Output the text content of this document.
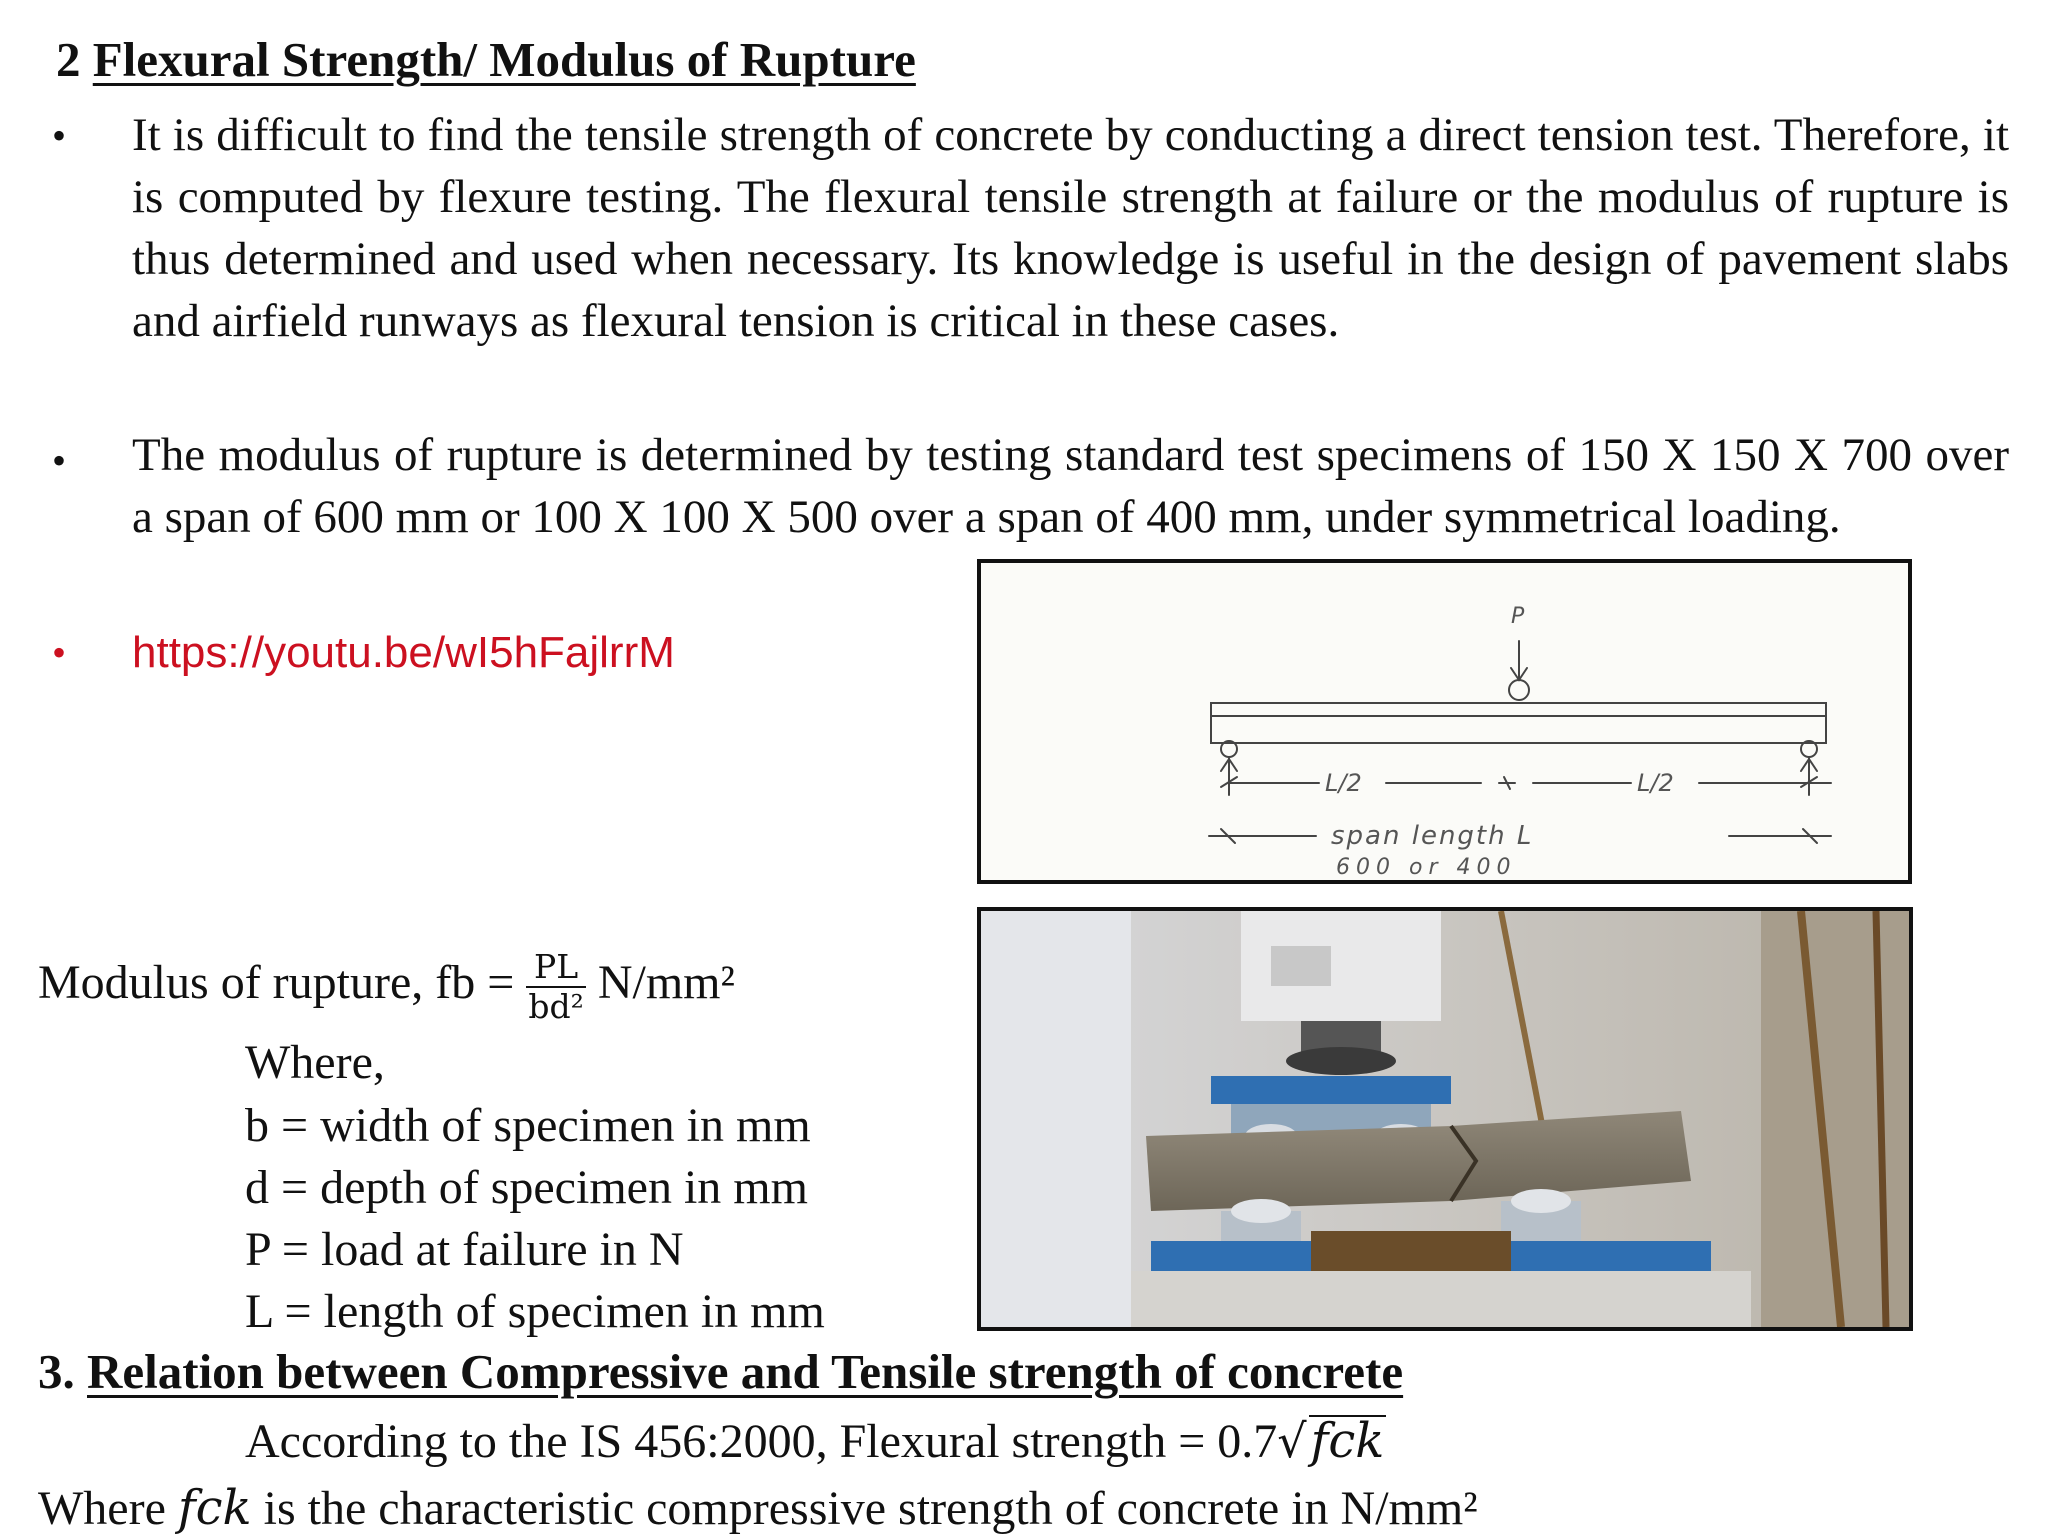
2 Flexural Strength/ Modulus of Rupture
• It is difficult to find the tensile strength of concrete by conducting a direct tension test. Therefore, it is computed by flexure testing. The flexural tensile strength at failure or the modulus of rupture is thus determined and used when necessary. Its knowledge is useful in the design of pavement slabs and airfield runways as flexural tension is critical in these cases.
• The modulus of rupture is determined by testing standard test specimens of 150 X 150 X 700 over a span of 600 mm or 100 X 100 X 500 over a span of 400 mm, under symmetrical loading.
• https://youtu.be/wI5hFajlrrM
P
L/2	L/2
span length L
600 or 400
Modulus of rupture, fb = $\frac{PL}{\text{bd²}} N/mm^2$
Where,
b = width of specimen in mm
d = depth of specimen in mm
P = load at failure in N
L = length of specimen in mm
3. Relation between Compressive and Tensile strength of concrete
According to the IS 456:2000, Flexural strength = 0.7√fck
Where fck is the characteristic compressive strength of concrete in N/mm²
